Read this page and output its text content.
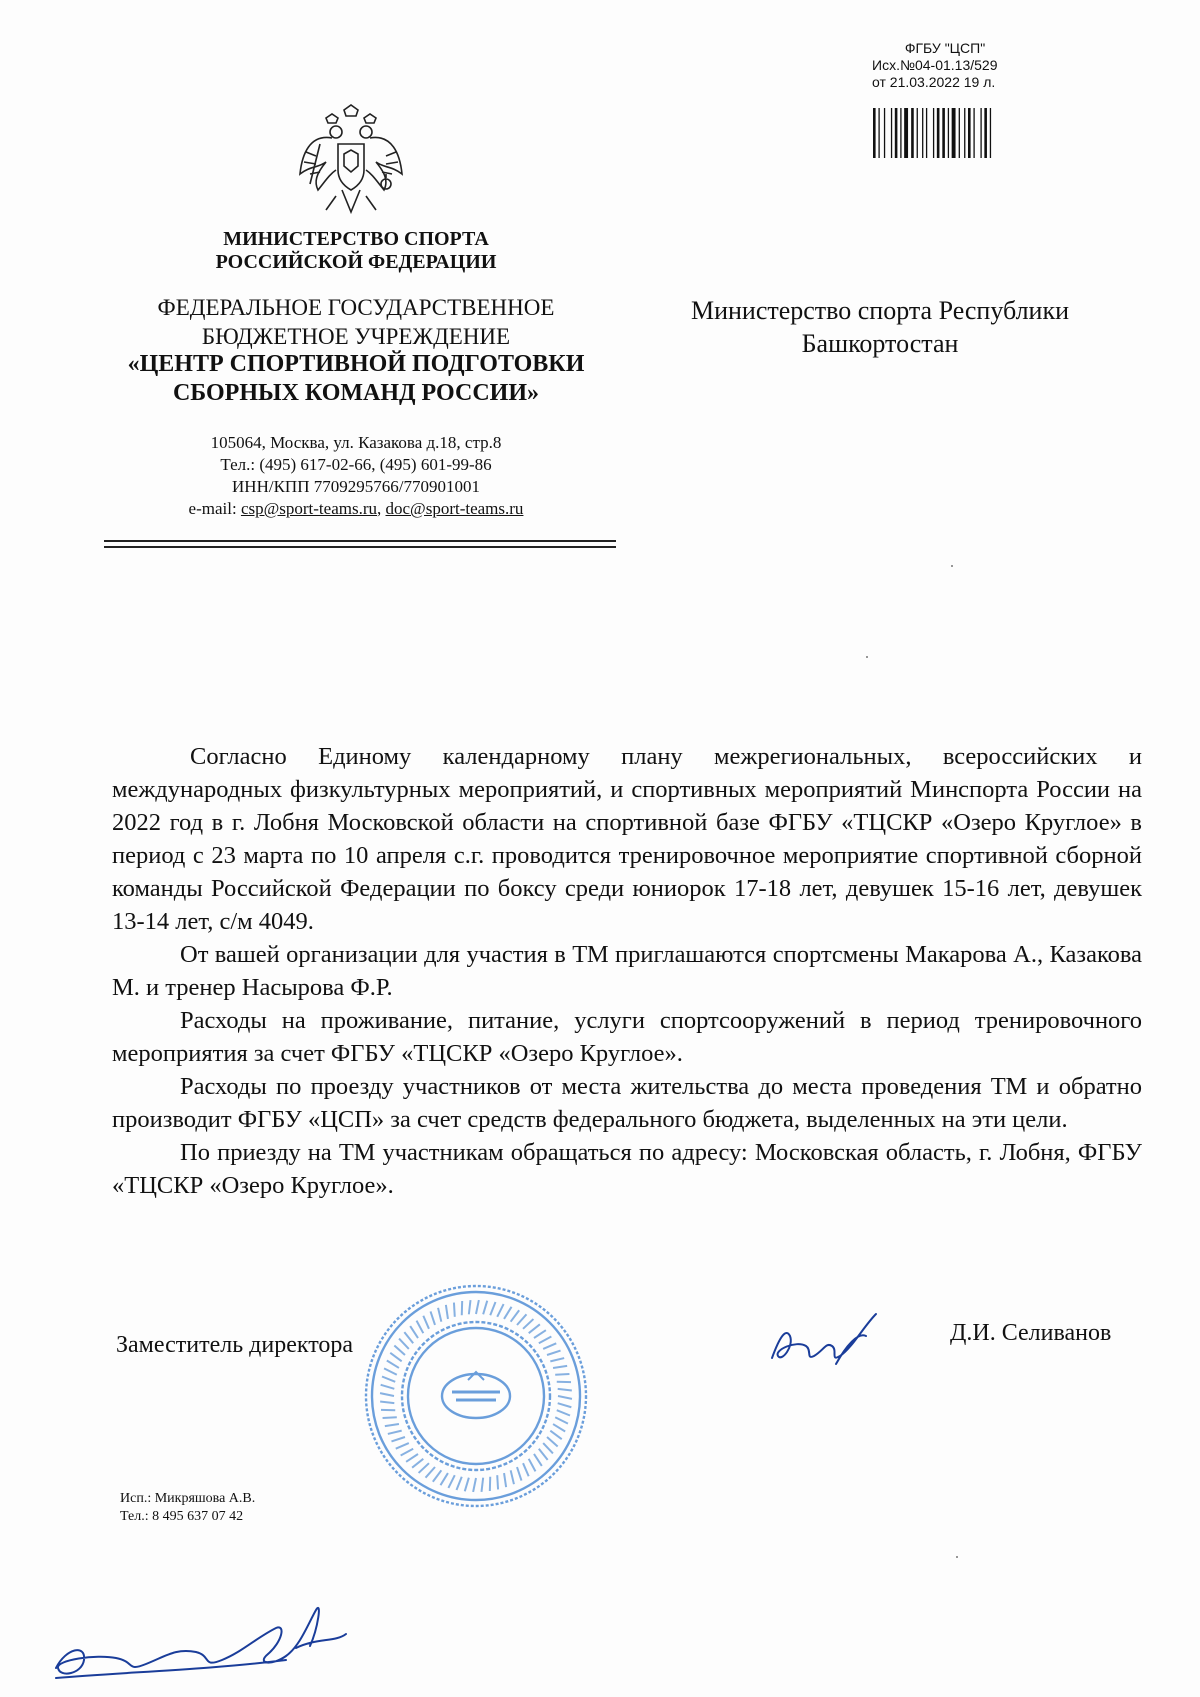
ФГБУ "ЦСП"
Исх.№04-01.13/529
от 21.03.2022 19 л.
МИНИСТЕРСТВО СПОРТА
РОССИЙСКОЙ ФЕДЕРАЦИИ
ФЕДЕРАЛЬНОЕ ГОСУДАРСТВЕННОЕ
БЮДЖЕТНОЕ УЧРЕЖДЕНИЕ
«ЦЕНТР СПОРТИВНОЙ ПОДГОТОВКИ
СБОРНЫХ КОМАНД РОССИИ»
105064, Москва, ул. Казакова д.18, стр.8
Тел.: (495) 617-02-66, (495) 601-99-86
ИНН/КПП 7709295766/770901001
e-mail: csp@sport-teams.ru, doc@sport-teams.ru
Министерство спорта Республики
Башкортостан

Согласно Единому календарному плану межрегиональных, всероссийских и международных физкультурных мероприятий, и спортивных мероприятий Минспорта России на 2022 год в г. Лобня Московской области на спортивной базе ФГБУ «ТЦСКР «Озеро Круглое» в период с 23 марта по 10 апреля с.г. проводится тренировочное мероприятие спортивной сборной команды Российской Федерации по боксу среди юниорок 17-18 лет, девушек 15-16 лет, девушек 13-14 лет, с/м 4049.

От вашей организации для участия в ТМ приглашаются спортсмены Макарова А., Казакова М. и тренер Насырова Ф.Р.

Расходы на проживание, питание, услуги спортсооружений в период тренировочного мероприятия за счет ФГБУ «ТЦСКР «Озеро Круглое».

Расходы по проезду участников от места жительства до места проведения ТМ и обратно производит ФГБУ «ЦСП» за счет средств федерального бюджета, выделенных на эти цели.

По приезду на ТМ участникам обращаться по адресу: Московская область, г. Лобня, ФГБУ «ТЦСКР «Озеро Круглое».

Заместитель директора	Д.И. Селиванов
Исп.: Микряшова А.В.
Тел.: 8 495 637 07 42
